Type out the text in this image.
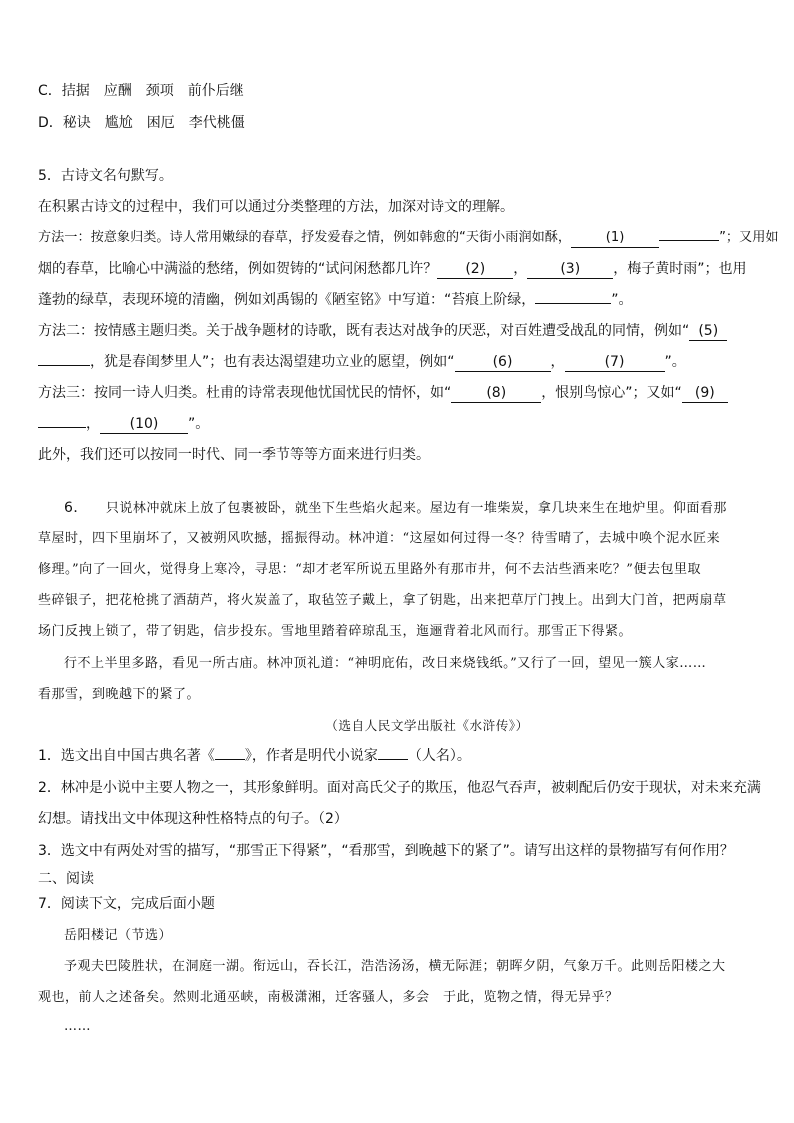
C．拮据　应酬　颈项　前仆后继
D．秘诀　尴尬　困厄　李代桃僵
5．古诗文名句默写。
在积累古诗文的过程中，我们可以通过分类整理的方法，加深对诗文的理解。
方法一：按意象归类。诗人常用嫩绿的春草，抒发爱春之情，例如韩愈的“天街小雨润如酥，	(1)	”；又用如
烟的春草，比喻心中满溢的愁绪，例如贺铸的“试问闲愁都几许？ (2) ， (3) ，梅子黄时雨”；也用
蓬勃的绿草，表现环境的清幽，例如刘禹锡的《陋室铭》中写道：“苔痕上阶绿，	”。
方法二：按情感主题归类。关于战争题材的诗歌，既有表达对战争的厌恶，对百姓遭受战乱的同情，例如“ (5)
，犹是春闺梦里人”；也有表达渴望建功立业的愿望，例如“	(6)	，	(7)	”。
方法三：按同一诗人归类。杜甫的诗常表现他忧国忧民的情怀，如“	(8)	，恨别鸟惊心”；又如“ (9)
， (10) ”。
此外，我们还可以按同一时代、同一季节等等方面来进行归类。
6． 只说林冲就床上放了包裹被卧，就坐下生些焰火起来。屋边有一堆柴炭，拿几块来生在地炉里。仰面看那
草屋时，四下里崩坏了，又被朔风吹撼，摇振得动。林冲道：“这屋如何过得一冬？待雪晴了，去城中唤个泥水匠来
修理。”向了一回火，觉得身上寒冷，寻思：“却才老军所说五里路外有那市井，何不去沽些酒来吃？”便去包里取
些碎银子，把花枪挑了酒葫芦，将火炭盖了，取毡笠子戴上，拿了钥匙，出来把草厅门拽上。出到大门首，把两扇草
场门反拽上锁了，带了钥匙，信步投东。雪地里踏着碎琼乱玉，迤逦背着北风而行。那雪正下得紧。
行不上半里多路，看见一所古庙。林冲顶礼道：“神明庇佑，改日来烧钱纸。”又行了一回，望见一簇人家……
看那雪，到晚越下的紧了。
（选自人民文学出版社《水浒传》）
1．选文出自中国古典名著《 》，作者是明代小说家 （人名）。
2．林冲是小说中主要人物之一，其形象鲜明。面对高氏父子的欺压，他忍气吞声，被刺配后仍安于现状，对未来充满
幻想。请找出文中体现这种性格特点的句子。（2）
3．选文中有两处对雪的描写，“那雪正下得紧”，“看那雪，到晚越下的紧了”。请写出这样的景物描写有何作用？
二、阅读
7．阅读下文，完成后面小题
岳阳楼记（节选）
予观夫巴陵胜状，在洞庭一湖。衔远山，吞长江，浩浩汤汤，横无际涯；朝晖夕阴，气象万千。此则岳阳楼之大
观也，前人之述备矣。然则北通巫峡，南极潇湘，迁客骚人，多会　于此，览物之情，得无异乎？
……
